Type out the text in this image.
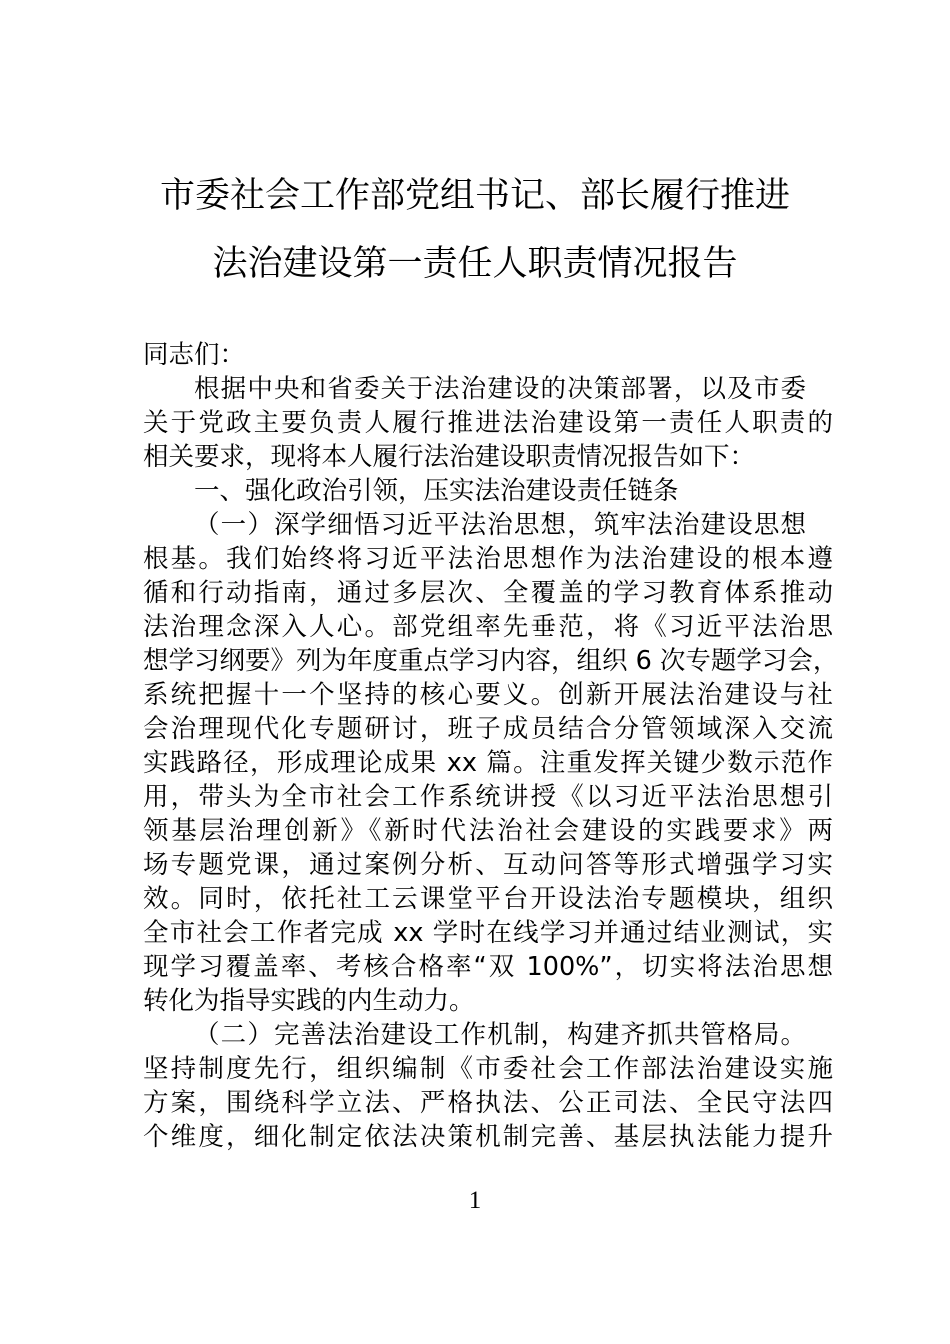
市委社会工作部党组书记、部长履行推进
法治建设第一责任人职责情况报告
同志们：
根据中央和省委关于法治建设的决策部署，以及市委
关于党政主要负责人履行推进法治建设第一责任人职责的
相关要求，现将本人履行法治建设职责情况报告如下：
一、强化政治引领，压实法治建设责任链条
（一）深学细悟习近平法治思想，筑牢法治建设思想
根基。我们始终将习近平法治思想作为法治建设的根本遵
循和行动指南，通过多层次、全覆盖的学习教育体系推动
法治理念深入人心。部党组率先垂范，将《习近平法治思
想学习纲要》列为年度重点学习内容，组织 6 次专题学习会，
系统把握十一个坚持的核心要义。创新开展法治建设与社
会治理现代化专题研讨，班子成员结合分管领域深入交流
实践路径，形成理论成果 xx 篇。注重发挥关键少数示范作
用，带头为全市社会工作系统讲授《以习近平法治思想引
领基层治理创新》《新时代法治社会建设的实践要求》两
场专题党课，通过案例分析、互动问答等形式增强学习实
效。同时，依托社工云课堂平台开设法治专题模块，组织
全市社会工作者完成 xx 学时在线学习并通过结业测试，实
现学习覆盖率、考核合格率“双 100%”，切实将法治思想
转化为指导实践的内生动力。
（二）完善法治建设工作机制，构建齐抓共管格局。
坚持制度先行，组织编制《市委社会工作部法治建设实施
方案，围绕科学立法、严格执法、公正司法、全民守法四
个维度，细化制定依法决策机制完善、基层执法能力提升
1
